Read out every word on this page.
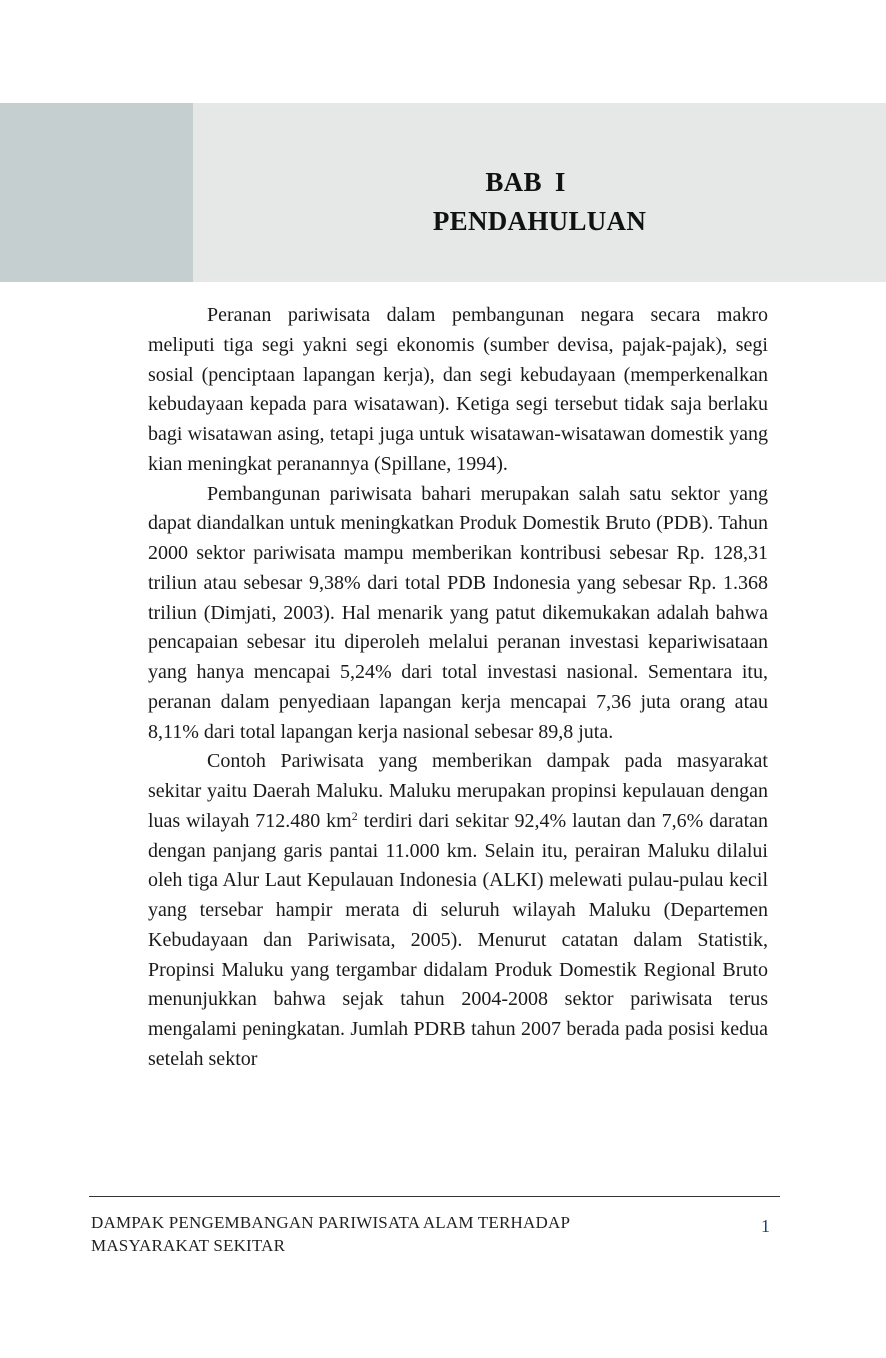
BAB I
PENDAHULUAN

Peranan pariwisata dalam pembangunan negara secara makro meliputi tiga segi yakni segi ekonomis (sumber devisa, pajak-pajak), segi sosial (penciptaan lapangan kerja), dan segi kebudayaan (memperkenalkan kebudayaan kepada para wisatawan). Ketiga segi tersebut tidak saja berlaku bagi wisatawan asing, tetapi juga untuk wisatawan-wisatawan domestik yang kian meningkat peranannya (Spillane, 1994).

Pembangunan pariwisata bahari merupakan salah satu sektor yang dapat diandalkan untuk meningkatkan Produk Domestik Bruto (PDB). Tahun 2000 sektor pariwisata mampu memberikan kontribusi sebesar Rp. 128,31 triliun atau sebesar 9,38% dari total PDB Indonesia yang sebesar Rp. 1.368 triliun (Dimjati, 2003). Hal menarik yang patut dikemukakan adalah bahwa pencapaian sebesar itu diperoleh melalui peranan investasi kepariwisataan yang hanya mencapai 5,24% dari total investasi nasional. Sementara itu, peranan dalam penyediaan lapangan kerja mencapai 7,36 juta orang atau 8,11% dari total lapangan kerja nasional sebesar 89,8 juta.

Contoh Pariwisata yang memberikan dampak pada masyarakat sekitar yaitu Daerah Maluku. Maluku merupakan propinsi kepulauan dengan luas wilayah 712.480 $km^2$ terdiri dari sekitar 92,4% lautan dan 7,6% daratan dengan panjang garis pantai 11.000 km. Selain itu, perairan Maluku dilalui oleh tiga Alur Laut Kepulauan Indonesia (ALKI) melewati pulau-pulau kecil yang tersebar hampir merata di seluruh wilayah Maluku (Departemen Kebudayaan dan Pariwisata, 2005). Menurut catatan dalam Statistik, Propinsi Maluku yang tergambar didalam Produk Domestik Regional Bruto menunjukkan bahwa sejak tahun 2004-2008 sektor pariwisata terus mengalami peningkatan. Jumlah PDRB tahun 2007 berada pada posisi kedua setelah sektor

DAMPAK PENGEMBANGAN PARIWISATA ALAM TERHADAP
MASYARAKAT SEKITAR
1
